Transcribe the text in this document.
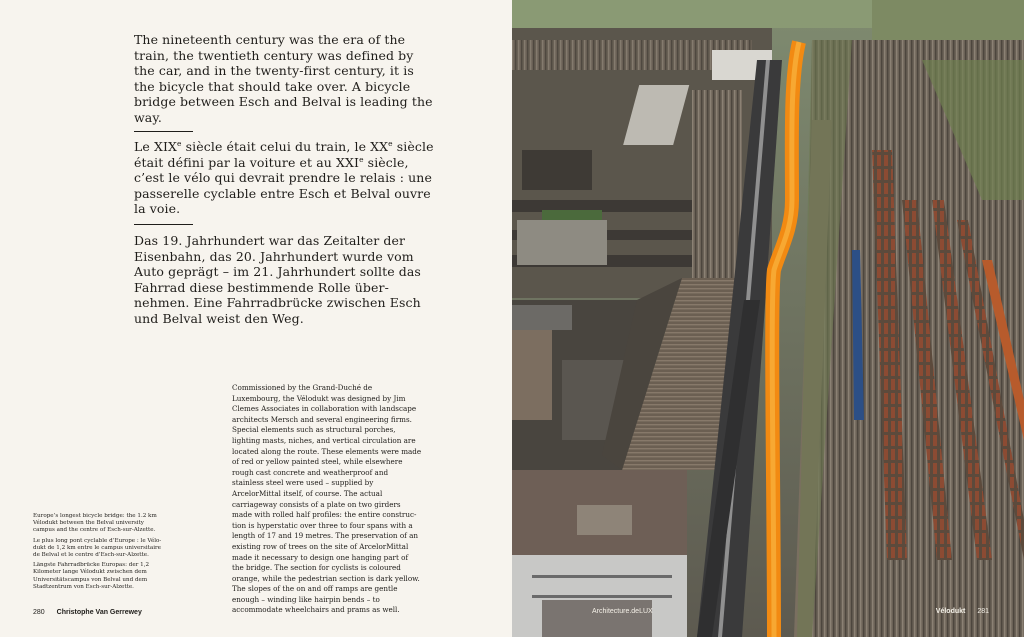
The nineteenth century was the era of the train, the twentieth century was defined by the car, and in the twenty-first century, it is the bicycle that should take over. A bicycle bridge between Esch and Belval is leading the way.

Le XIXe siècle était celui du train, le XXe siècle était défini par la voiture et au XXIe siècle, c’est le vélo qui devrait prendre le relais : une passerelle cyclable entre Esch et Belval ouvre la voie.

Das 19. Jahrhundert war das Zeitalter der Eisenbahn, das 20. Jahrhundert wurde vom Auto geprägt – im 21. Jahrhundert sollte das Fahrrad diese bestimmende Rolle übernehmen. Eine Fahrradbrücke zwischen Esch und Belval weist den Weg.

Commissioned by the Grand-Duché de Luxembourg, the Vélodukt was designed by Jim Clemes Associates in collaboration with landscape architects Mersch and several engineering firms. Special elements such as structural porches, lighting masts, niches, and vertical circulation are located along the route. These elements were made of red or yellow painted steel, while elsewhere rough cast concrete and weatherproof and stainless steel were used – supplied by ArcelorMittal itself, of course. The actual carriageway consists of a plate on two girders made with rolled half profiles: the entire construction is hyperstatic over three to four spans with a length of 17 and 19 metres. The preservation of an existing row of trees on the site of ArcelorMittal made it necessary to design one hanging part of the bridge. The section for cyclists is coloured orange, while the pedestrian section is dark yellow. The slopes of the on and off ramps are gentle enough – winding like hairpin bends – to accommodate wheelchairs and prams as well.

Europe’s longest bicycle bridge: the 1.2 km Vélodukt between the Belval university campus and the centre of Esch-sur-Alzette.

Le plus long pont cyclable d’Europe : le Vélodukt de 1,2 km entre le campus universitaire de Belval et le centre d’Esch-sur-Alzette.

Längste Fahrradbrücke Europas: der 1,2 Kilometer lange Vélodukt zwischen dem Universitätscampus von Belval und dem Stadtzentrum von Esch-sur-Alzette.

280 Christophe Van Gerrewey	Architecture.deLUX	Vélodukt 281
